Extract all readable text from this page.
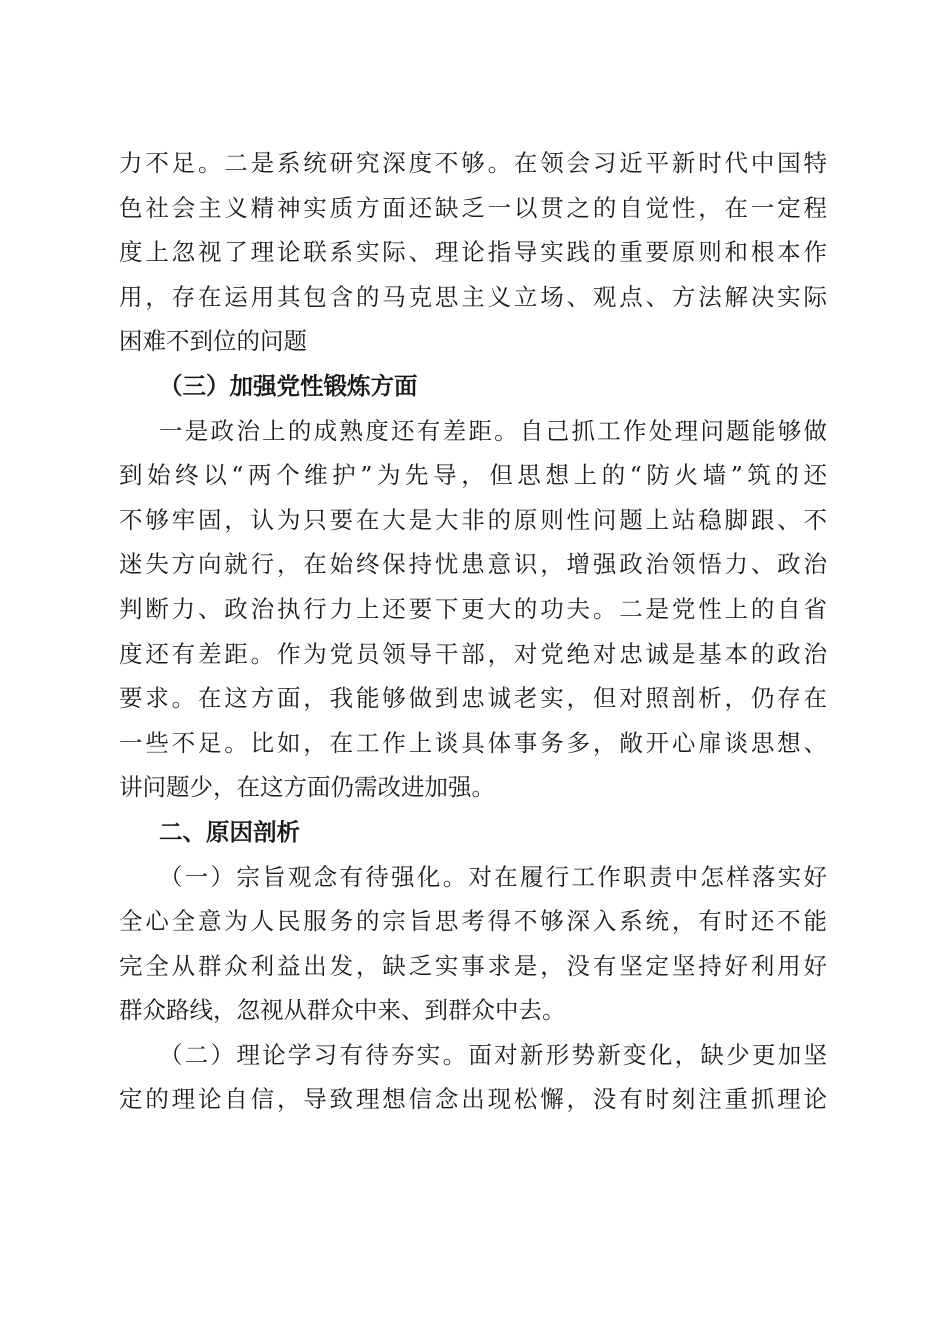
力不足。二是系统研究深度不够。在领会习近平新时代中国特
色社会主义精神实质方面还缺乏一以贯之的自觉性，在一定程
度上忽视了理论联系实际、理论指导实践的重要原则和根本作
用，存在运用其包含的马克思主义立场、观点、方法解决实际
困难不到位的问题
（三）加强党性锻炼方面
一是政治上的成熟度还有差距。自己抓工作处理问题能够做
到始终以“两个维护”为先导，但思想上的“防火墙”筑的还
不够牢固，认为只要在大是大非的原则性问题上站稳脚跟、不
迷失方向就行，在始终保持忧患意识，增强政治领悟力、政治
判断力、政治执行力上还要下更大的功夫。二是党性上的自省
度还有差距。作为党员领导干部，对党绝对忠诚是基本的政治
要求。在这方面，我能够做到忠诚老实，但对照剖析，仍存在
一些不足。比如，在工作上谈具体事务多，敞开心扉谈思想、
讲问题少，在这方面仍需改进加强。
二、原因剖析
（一）宗旨观念有待强化。对在履行工作职责中怎样落实好
全心全意为人民服务的宗旨思考得不够深入系统，有时还不能
完全从群众利益出发，缺乏实事求是，没有坚定坚持好利用好
群众路线，忽视从群众中来、到群众中去。
（二）理论学习有待夯实。面对新形势新变化，缺少更加坚
定的理论自信，导致理想信念出现松懈，没有时刻注重抓理论
